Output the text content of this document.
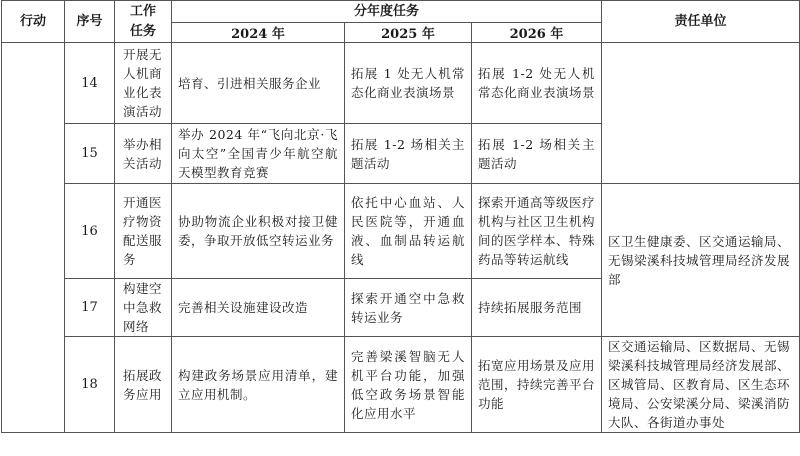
行动	序号	工作任务	分年度任务			责任单位
			2024 年	2025 年	2026 年	
	14	开展无人机商业化表演活动	培育、引进相关服务企业	拓展 1 处无人机常态化商业表演场景	拓展 1-2 处无人机常态化商业表演场景	
	15	举办相关活动	举办 2024 年“飞向北京·飞向太空”全国青少年航空航天模型教育竞赛	拓展 1-2 场相关主题活动	拓展 1-2 场相关主题活动	
	16	开通医疗物资配送服务	协助物流企业积极对接卫健委，争取开放低空转运业务	依托中心血站、人民医院等，开通血液、血制品转运航线	探索开通高等级医疗机构与社区卫生机构间的医学样本、特殊药品等转运航线	区卫生健康委、区交通运输局、无锡梁溪科技城管理局经济发展部
	17	构建空中急救网络	完善相关设施建设改造	探索开通空中急救转运业务	持续拓展服务范围	
	18	拓展政务应用	构建政务场景应用清单，建立应用机制。	完善梁溪智脑无人机平台功能，加强低空政务场景智能化应用水平	拓宽应用场景及应用范围，持续完善平台功能	区交通运输局、区数据局、无锡梁溪科技城管理局经济发展部、区城管局、区教育局、区生态环境局、公安梁溪分局、梁溪消防大队、各街道办事处
